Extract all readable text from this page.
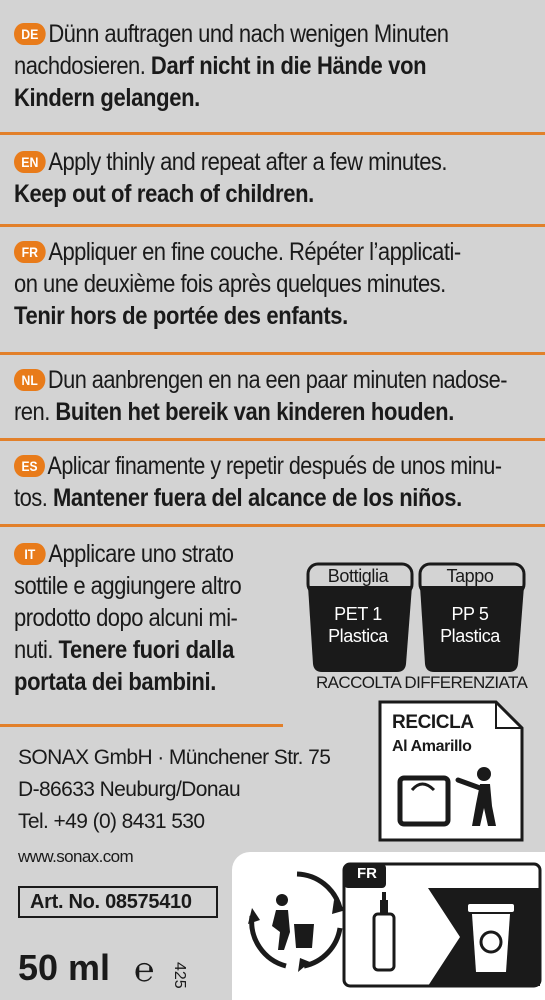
DE Dünn auftragen und nach wenigen Minuten
nachdosieren. Darf nicht in die Hände von
Kindern gelangen.
EN Apply thinly and repeat after a few minutes.
Keep out of reach of children.
FR Appliquer en fine couche. Répéter l’applicati-
on une deuxième fois après quelques minutes.
Tenir hors de portée des enfants.
NL Dun aanbrengen en na een paar minuten nadose-
ren. Buiten het bereik van kinderen houden.
ES Aplicar finamente y repetir después de unos minu-
tos. Mantener fuera del alcance de los niños.
IT Applicare uno strato
sottile e aggiungere altro
prodotto dopo alcuni mi-
nuti. Tenere fuori dalla
portata dei bambini.
Bottiglia
PET 1
Plastica
Tappo
PP 5
Plastica
RACCOLTA DIFFERENZIATA
RECICLA
Al Amarillo
SONAX GmbH · Münchener Str. 75
D-86633 Neuburg/Donau
Tel. +49 (0) 8431 530
www.sonax.com
Art. No. 08575410
50 ml ℮ 425
FR
